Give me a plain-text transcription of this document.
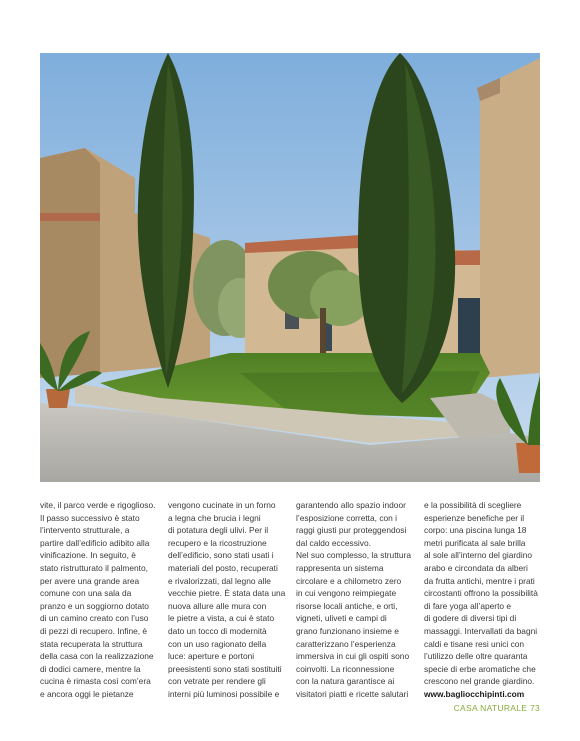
vite, il parco verde e rigoglioso.

Il passo successivo è stato

l’intervento strutturale, a

partire dall’edificio adibito alla

vinificazione. In seguito, è

stato ristrutturato il palmento,

per avere una grande area

comune con una sala da

pranzo e un soggiorno dotato

di un camino creato con l’uso

di pezzi di recupero. Infine, è

stata recuperata la struttura

della casa con la realizzazione

di dodici camere, mentre la

cucina è rimasta così com’era

e ancora oggi le pietanze

vengono cucinate in un forno

a legna che brucia i legni

di potatura degli ulivi. Per il

recupero e la ricostruzione

dell’edificio, sono stati usati i

materiali del posto, recuperati

e rivalorizzati, dal legno alle

vecchie pietre. È stata data una

nuova allure alle mura con

le pietre a vista, a cui è stato

dato un tocco di modernità

con un uso ragionato della

luce: aperture e portoni

preesistenti sono stati sostituiti

con vetrate per rendere gli

interni più luminosi possibile e

garantendo allo spazio indoor

l’esposizione corretta, con i

raggi giusti pur proteggendosi

dal caldo eccessivo.

Nel suo complesso, la struttura

rappresenta un sistema

circolare e a chilometro zero

in cui vengono reimpiegate

risorse locali antiche, e orti,

vigneti, uliveti e campi di

grano funzionano insieme e

caratterizzano l’esperienza

immersiva in cui gli ospiti sono

coinvolti. La riconnessione

con la natura garantisce ai

visitatori piatti e ricette salutari

e la possibilità di scegliere

esperienze benefiche per il

corpo: una piscina lunga 18

metri purificata al sale brilla

al sole all’interno del giardino

arabo e circondata da alberi

da frutta antichi, mentre i prati

circostanti offrono la possibilità

di fare yoga all’aperto e

di godere di diversi tipi di

massaggi. Intervallati da bagni

caldi e tisane resi unici con

l’utilizzo delle oltre quaranta

specie di erbe aromatiche che

crescono nel grande giardino.

www.bagliocchipinti.com

CASA NATURALE 73
